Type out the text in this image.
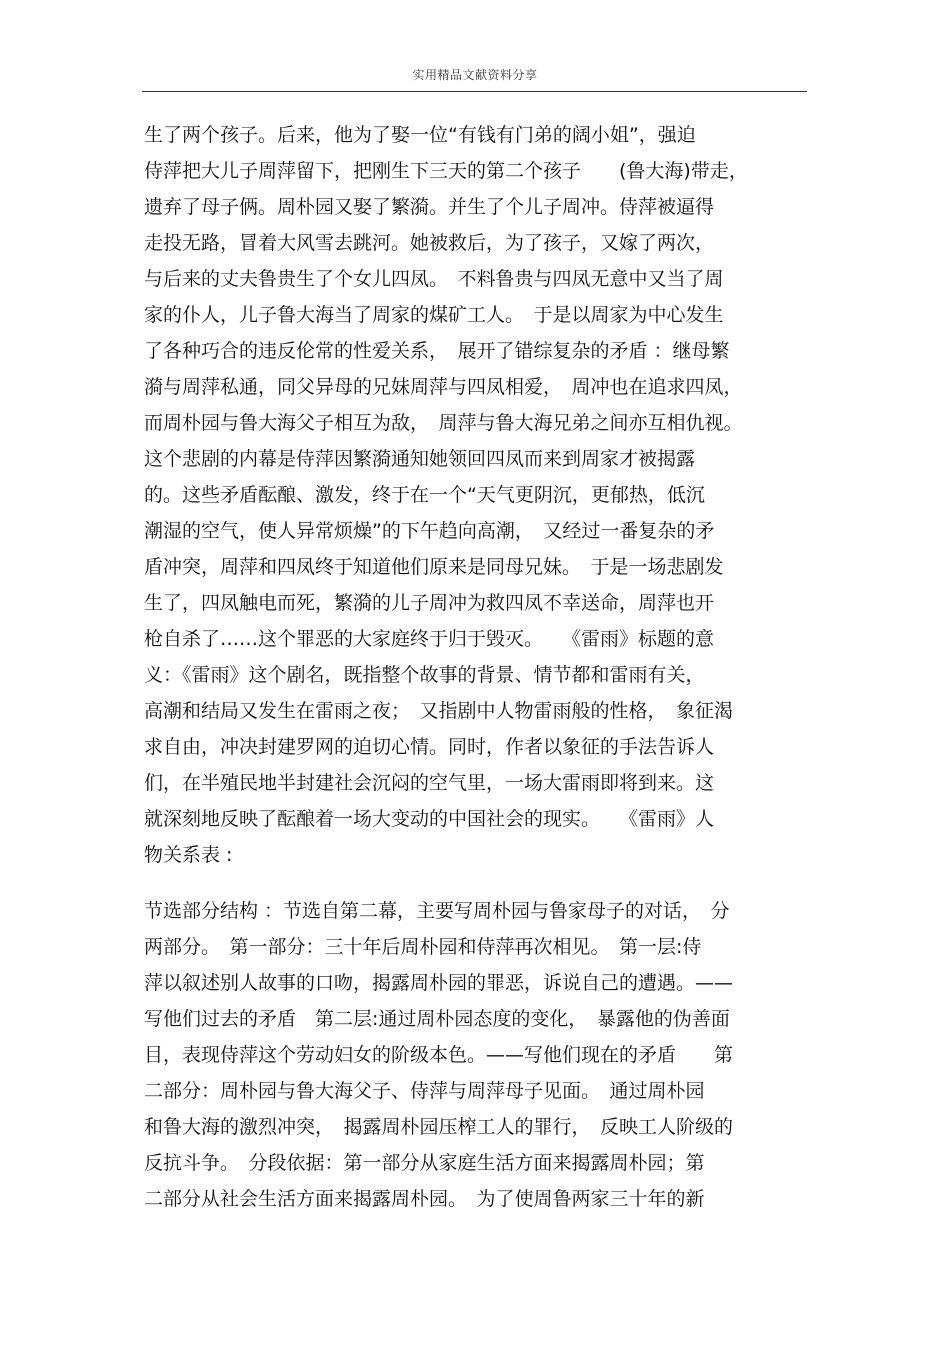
实用精品文献资料分享
生了两个孩子。后来，他为了娶一位“有钱有门弟的阔小姐”，强迫
侍萍把大儿子周萍留下，把刚生下三天的第二个孩子　　(鲁大海)带走，
遗弃了母子俩。周朴园又娶了繁漪。并生了个儿子周冲。侍萍被逼得
走投无路，冒着大风雪去跳河。她被救后，为了孩子，又嫁了两次，
与后来的丈夫鲁贵生了个女儿四凤。　不料鲁贵与四凤无意中又当了周
家的仆人，儿子鲁大海当了周家的煤矿工人。　于是以周家为中心发生
了各种巧合的违反伦常的性爱关系，　展开了错综复杂的矛盾 ：继母繁
漪与周萍私通，同父异母的兄妹周萍与四凤相爱，　周冲也在追求四凤，
而周朴园与鲁大海父子相互为敌，　周萍与鲁大海兄弟之间亦互相仇视。
这个悲剧的内幕是侍萍因繁漪通知她领回四凤而来到周家才被揭露
的。这些矛盾酝酿、激发，终于在一个“天气更阴沉，更郁热，低沉
潮湿的空气，使人异常烦燥”的下午趋向高潮，　又经过一番复杂的矛
盾冲突，周萍和四凤终于知道他们原来是同母兄妹。　于是一场悲剧发
生了，四凤触电而死，繁漪的儿子周冲为救四凤不幸送命，周萍也开
枪自杀了……这个罪恶的大家庭终于归于毁灭。　　《雷雨》标题的意
义：《雷雨》这个剧名，既指整个故事的背景、情节都和雷雨有关，
高潮和结局又发生在雷雨之夜；　又指剧中人物雷雨般的性格，　象征渴
求自由，冲决封建罗网的迫切心情。同时，作者以象征的手法告诉人
们，在半殖民地半封建社会沉闷的空气里，一场大雷雨即将到来。这
就深刻地反映了酝酿着一场大变动的中国社会的现实。　　《雷雨》人
物关系表 :
节选部分结构 ：节选自第二幕，主要写周朴园与鲁家母子的对话，　分
两部分。　第一部分：三十年后周朴园和侍萍再次相见。　第一层:侍
萍以叙述别人故事的口吻，揭露周朴园的罪恶，诉说自己的遭遇。——
写他们过去的矛盾　第二层:通过周朴园态度的变化，　暴露他的伪善面
目，表现侍萍这个劳动妇女的阶级本色。——写他们现在的矛盾　　第
二部分：周朴园与鲁大海父子、侍萍与周萍母子见面。　通过周朴园
和鲁大海的激烈冲突，　揭露周朴园压榨工人的罪行，　反映工人阶级的
反抗斗争。　分段依据：第一部分从家庭生活方面来揭露周朴园；第
二部分从社会生活方面来揭露周朴园。　为了使周鲁两家三十年的新
